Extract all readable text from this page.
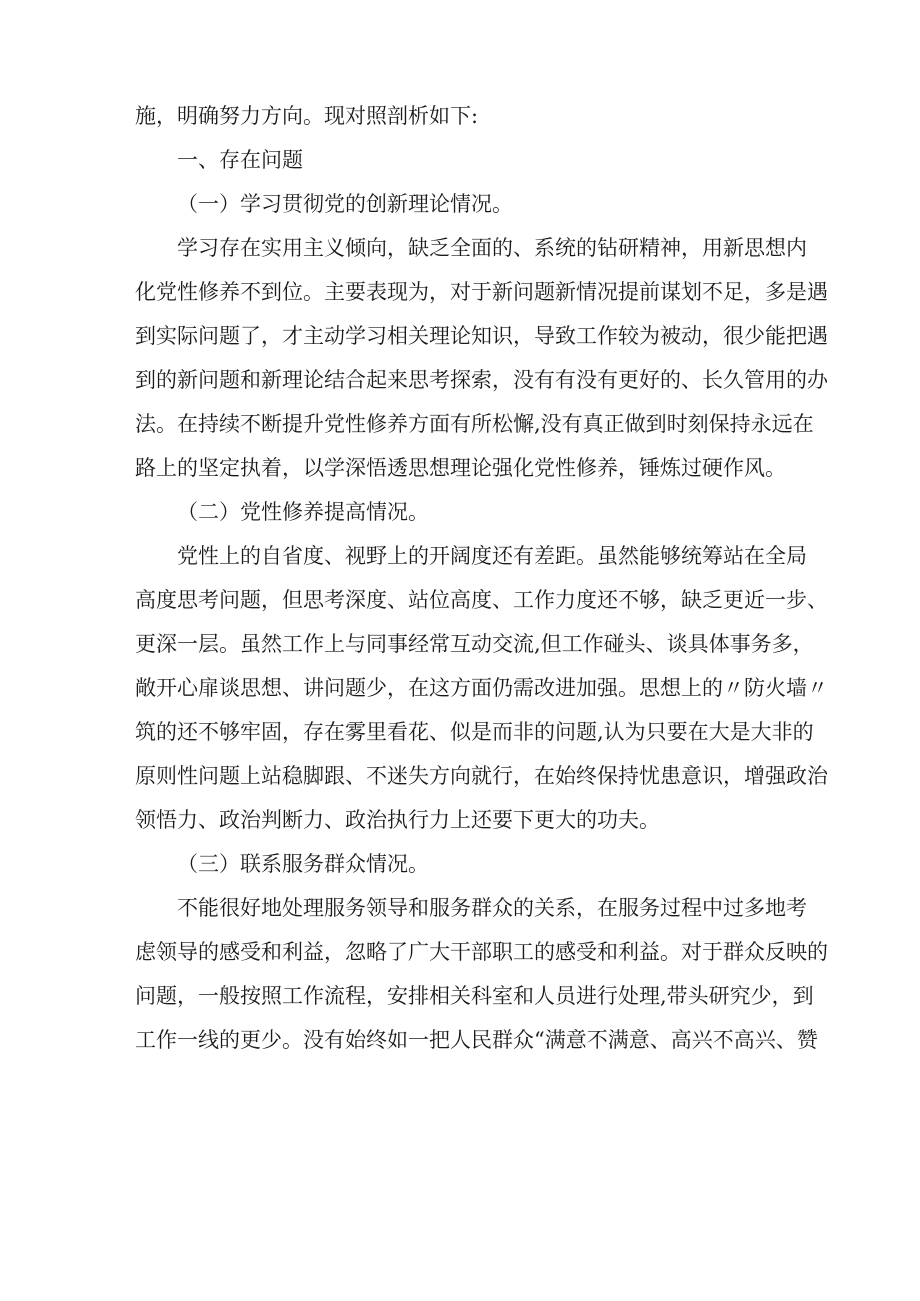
施，明确努力方向。现对照剖析如下:

一、存在问题

（一）学习贯彻党的创新理论情况。

学习存在实用主义倾向，缺乏全面的、系统的钻研精神，用新思想内

化党性修养不到位。主要表现为，对于新问题新情况提前谋划不足，多是遇

到实际问题了，才主动学习相关理论知识，导致工作较为被动，很少能把遇

到的新问题和新理论结合起来思考探索，没有有没有更好的、长久管用的办

法。在持续不断提升党性修养方面有所松懈,没有真正做到时刻保持永远在

路上的坚定执着，以学深悟透思想理论强化党性修养，锤炼过硬作风。

（二）党性修养提高情况。

党性上的自省度、视野上的开阔度还有差距。虽然能够统筹站在全局

高度思考问题，但思考深度、站位高度、工作力度还不够，缺乏更近一步、

更深一层。虽然工作上与同事经常互动交流,但工作碰头、谈具体事务多，

敞开心扉谈思想、讲问题少，在这方面仍需改进加强。思想上的〃防火墙〃

筑的还不够牢固，存在雾里看花、似是而非的问题,认为只要在大是大非的

原则性问题上站稳脚跟、不迷失方向就行，在始终保持忧患意识，增强政治

领悟力、政治判断力、政治执行力上还要下更大的功夫。

（三）联系服务群众情况。

不能很好地处理服务领导和服务群众的关系，在服务过程中过多地考

虑领导的感受和利益，忽略了广大干部职工的感受和利益。对于群众反映的

问题，一般按照工作流程，安排相关科室和人员进行处理,带头研究少，到

工作一线的更少。没有始终如一把人民群众“满意不满意、高兴不高兴、赞
